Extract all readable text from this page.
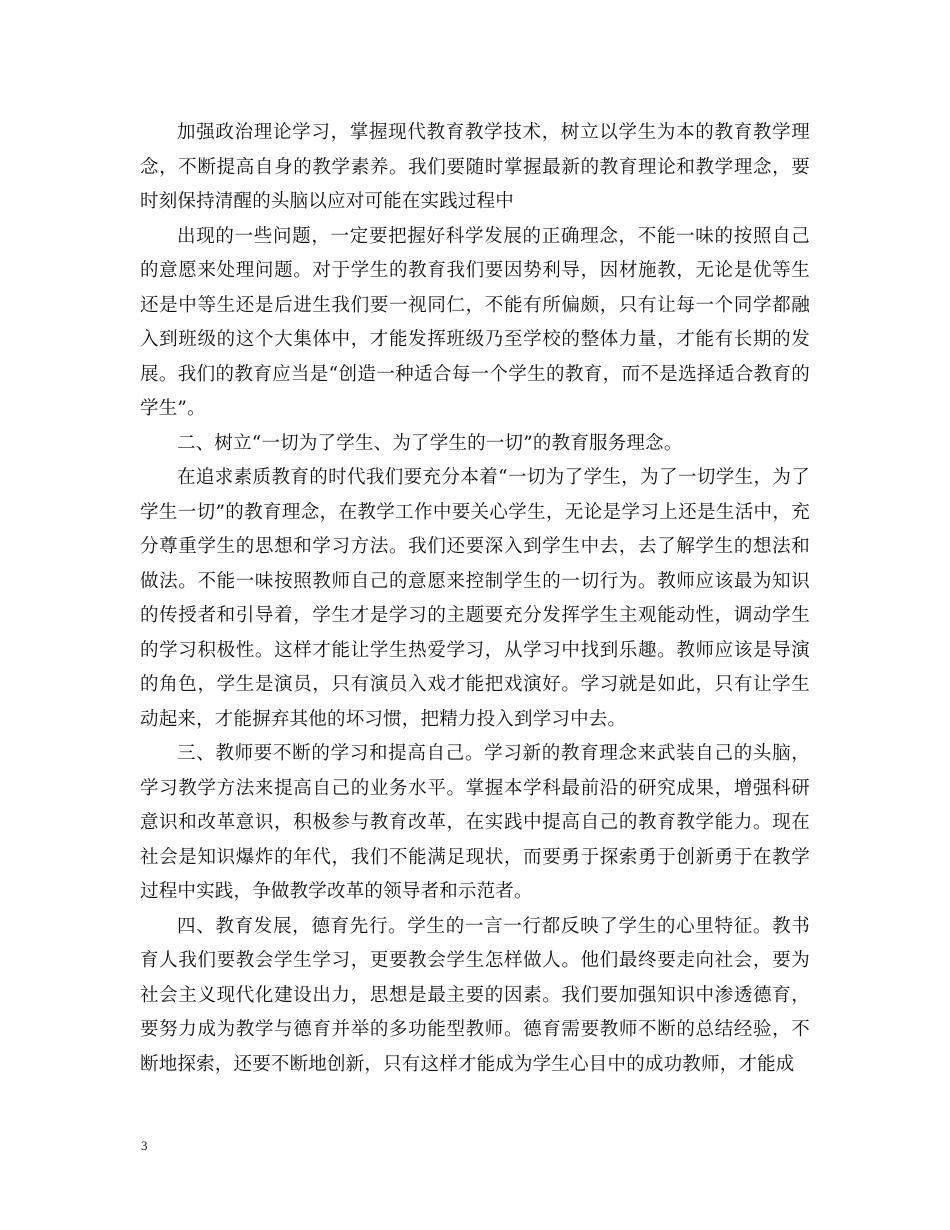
加强政治理论学习，掌握现代教育教学技术，树立以学生为本的教育教学理念，不断提高自身的教学素养。我们要随时掌握最新的教育理论和教学理念，要时刻保持清醒的头脑以应对可能在实践过程中

出现的一些问题，一定要把握好科学发展的正确理念，不能一味的按照自己的意愿来处理问题。对于学生的教育我们要因势利导，因材施教，无论是优等生还是中等生还是后进生我们要一视同仁，不能有所偏颇，只有让每一个同学都融入到班级的这个大集体中，才能发挥班级乃至学校的整体力量，才能有长期的发展。我们的教育应当是“创造一种适合每一个学生的教育，而不是选择适合教育的学生”。

二、树立“一切为了学生、为了学生的一切”的教育服务理念。

在追求素质教育的时代我们要充分本着“一切为了学生，为了一切学生，为了学生一切”的教育理念，在教学工作中要关心学生，无论是学习上还是生活中，充分尊重学生的思想和学习方法。我们还要深入到学生中去，去了解学生的想法和做法。不能一味按照教师自己的意愿来控制学生的一切行为。教师应该最为知识的传授者和引导着，学生才是学习的主题要充分发挥学生主观能动性，调动学生的学习积极性。这样才能让学生热爱学习，从学习中找到乐趣。教师应该是导演的角色，学生是演员，只有演员入戏才能把戏演好。学习就是如此，只有让学生动起来，才能摒弃其他的坏习惯，把精力投入到学习中去。

三、教师要不断的学习和提高自己。学习新的教育理念来武装自己的头脑，学习教学方法来提高自己的业务水平。掌握本学科最前沿的研究成果，增强科研意识和改革意识，积极参与教育改革，在实践中提高自己的教育教学能力。现在社会是知识爆炸的年代，我们不能满足现状，而要勇于探索勇于创新勇于在教学过程中实践，争做教学改革的领导者和示范者。

四、教育发展，德育先行。学生的一言一行都反映了学生的心里特征。教书育人我们要教会学生学习，更要教会学生怎样做人。他们最终要走向社会，要为社会主义现代化建设出力，思想是最主要的因素。我们要加强知识中渗透德育，要努力成为教学与德育并举的多功能型教师。德育需要教师不断的总结经验，不断地探索，还要不断地创新，只有这样才能成为学生心目中的成功教师，才能成

3
